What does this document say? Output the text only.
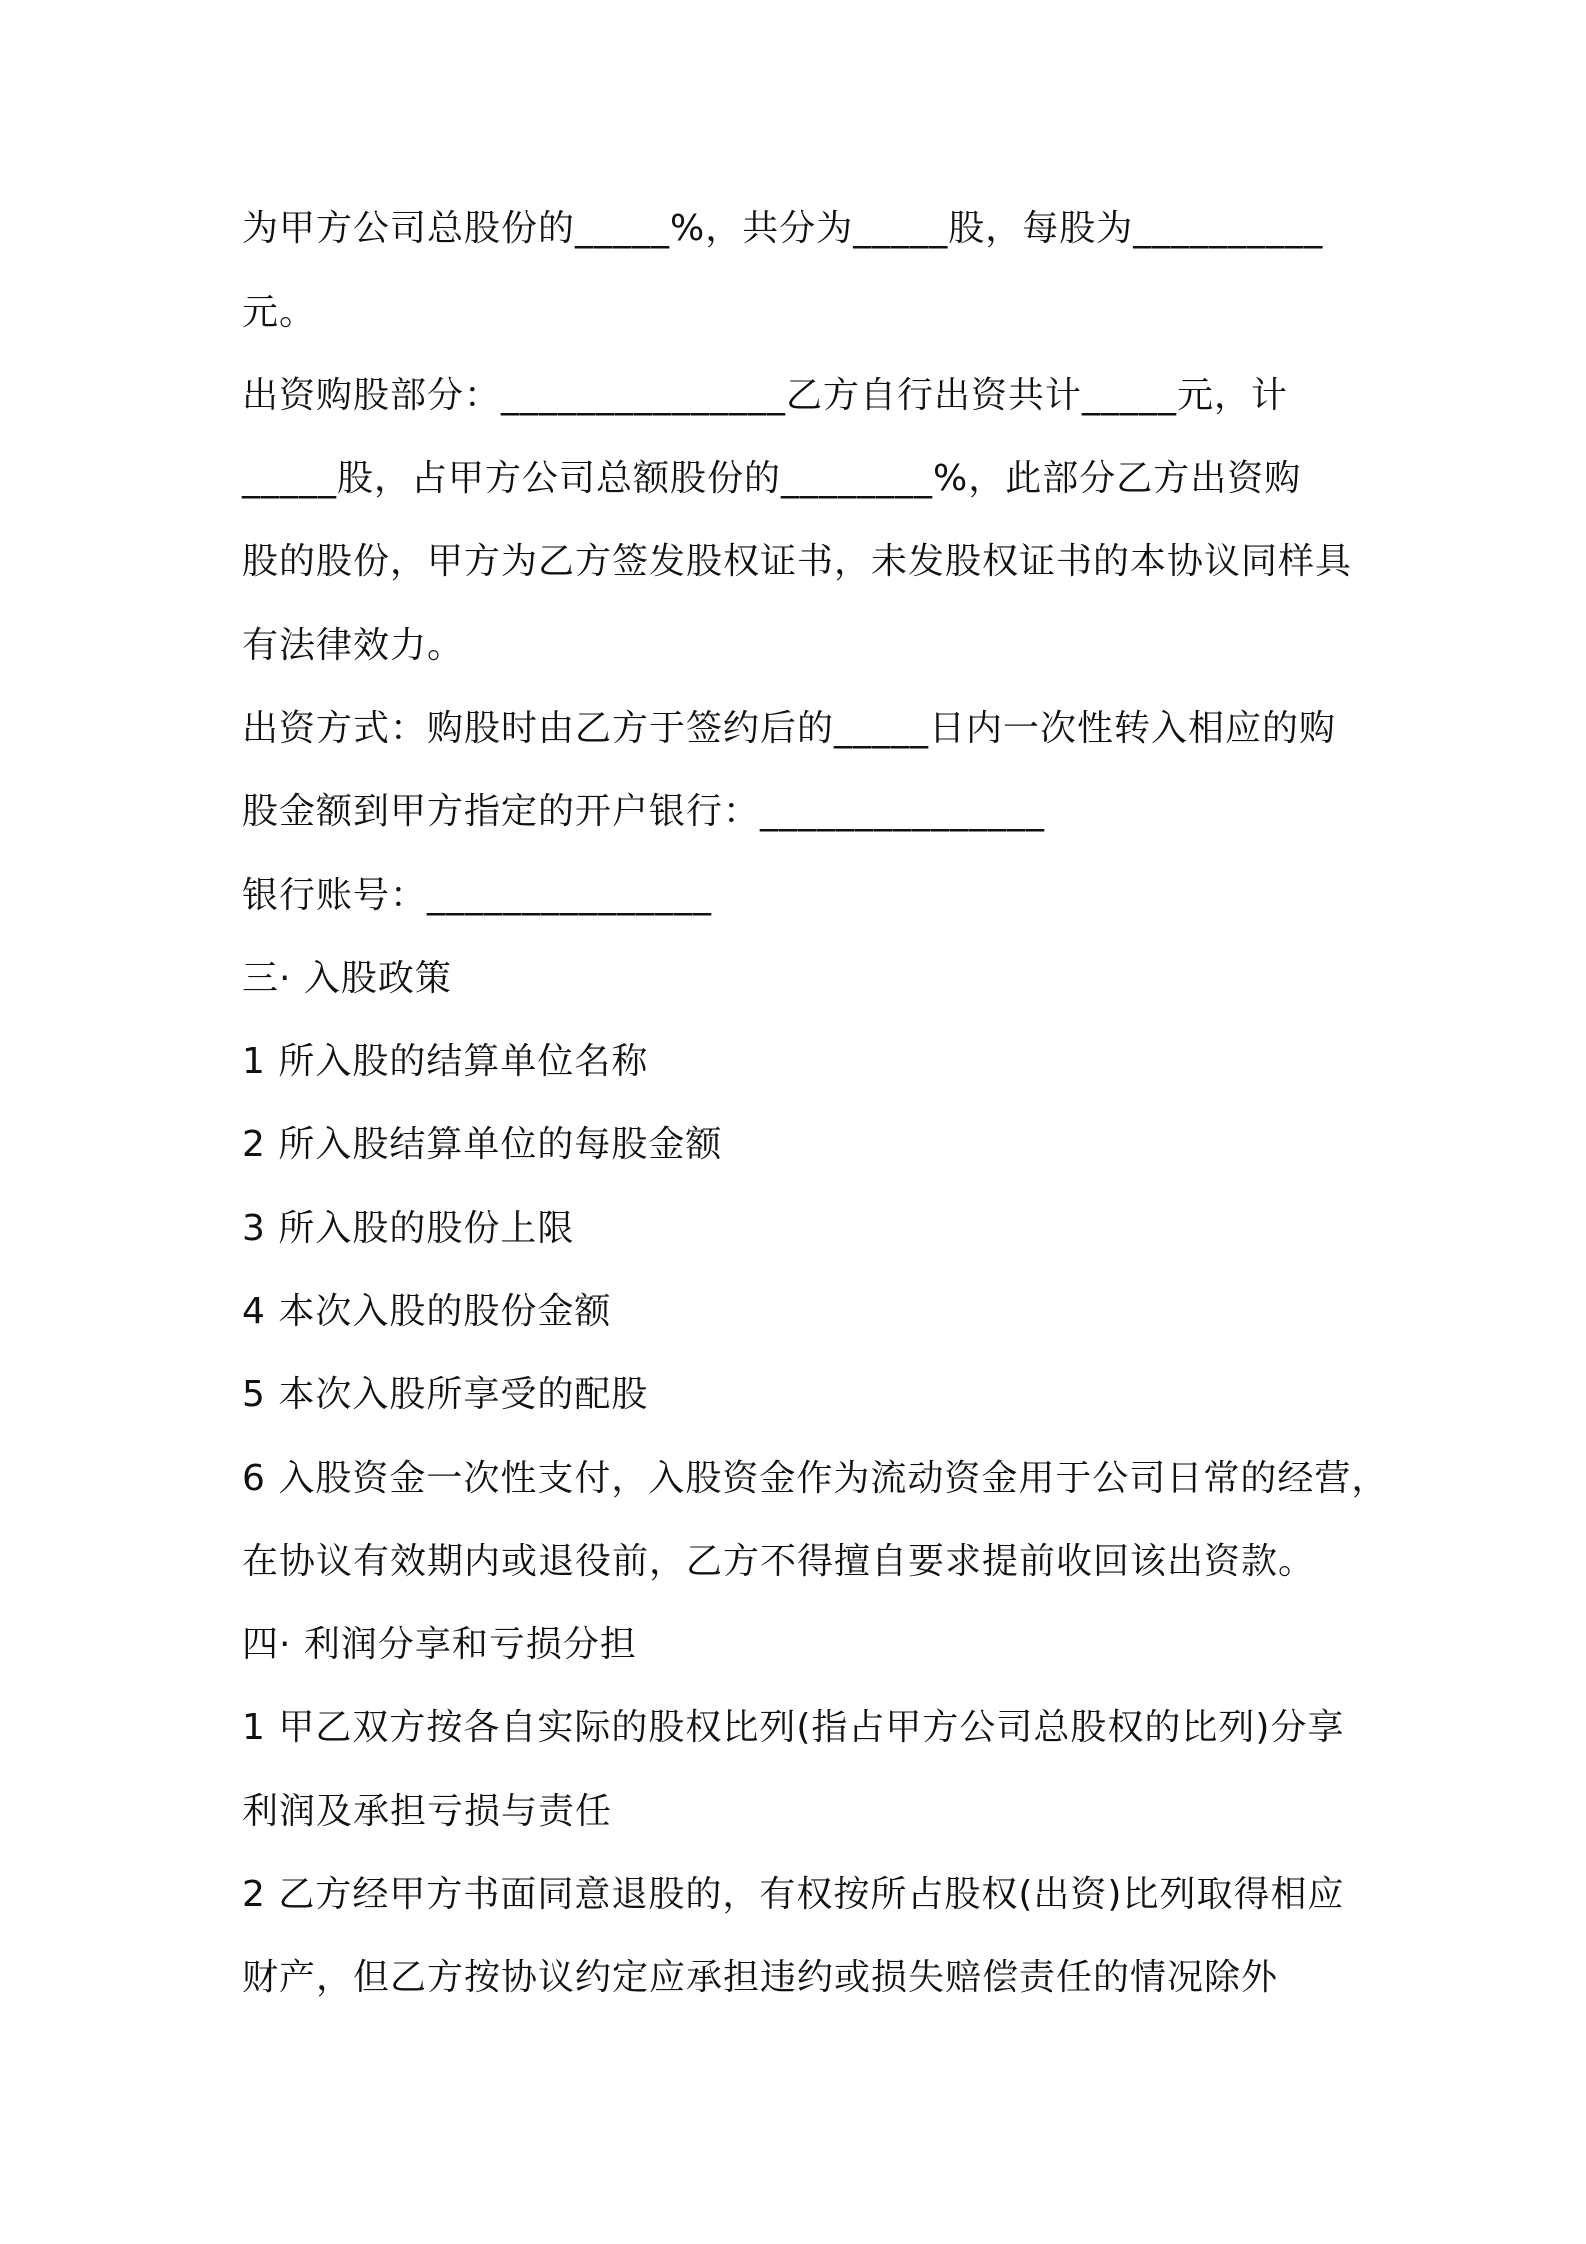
为甲方公司总股份的_____%，共分为_____股，每股为__________
元。
出资购股部分：_______________乙方自行出资共计_____元，计
_____股，占甲方公司总额股份的________%，此部分乙方出资购
股的股份，甲方为乙方签发股权证书，未发股权证书的本协议同样具
有法律效力。
出资方式：购股时由乙方于签约后的_____日内一次性转入相应的购
股金额到甲方指定的开户银行：_______________
银行账号：_______________
三· 入股政策
1 所入股的结算单位名称
2 所入股结算单位的每股金额
3 所入股的股份上限
4 本次入股的股份金额
5 本次入股所享受的配股
6 入股资金一次性支付，入股资金作为流动资金用于公司日常的经营，
在协议有效期内或退役前，乙方不得擅自要求提前收回该出资款。
四· 利润分享和亏损分担
1 甲乙双方按各自实际的股权比列(指占甲方公司总股权的比列)分享
利润及承担亏损与责任
2 乙方经甲方书面同意退股的，有权按所占股权(出资)比列取得相应
财产，但乙方按协议约定应承担违约或损失赔偿责任的情况除外
